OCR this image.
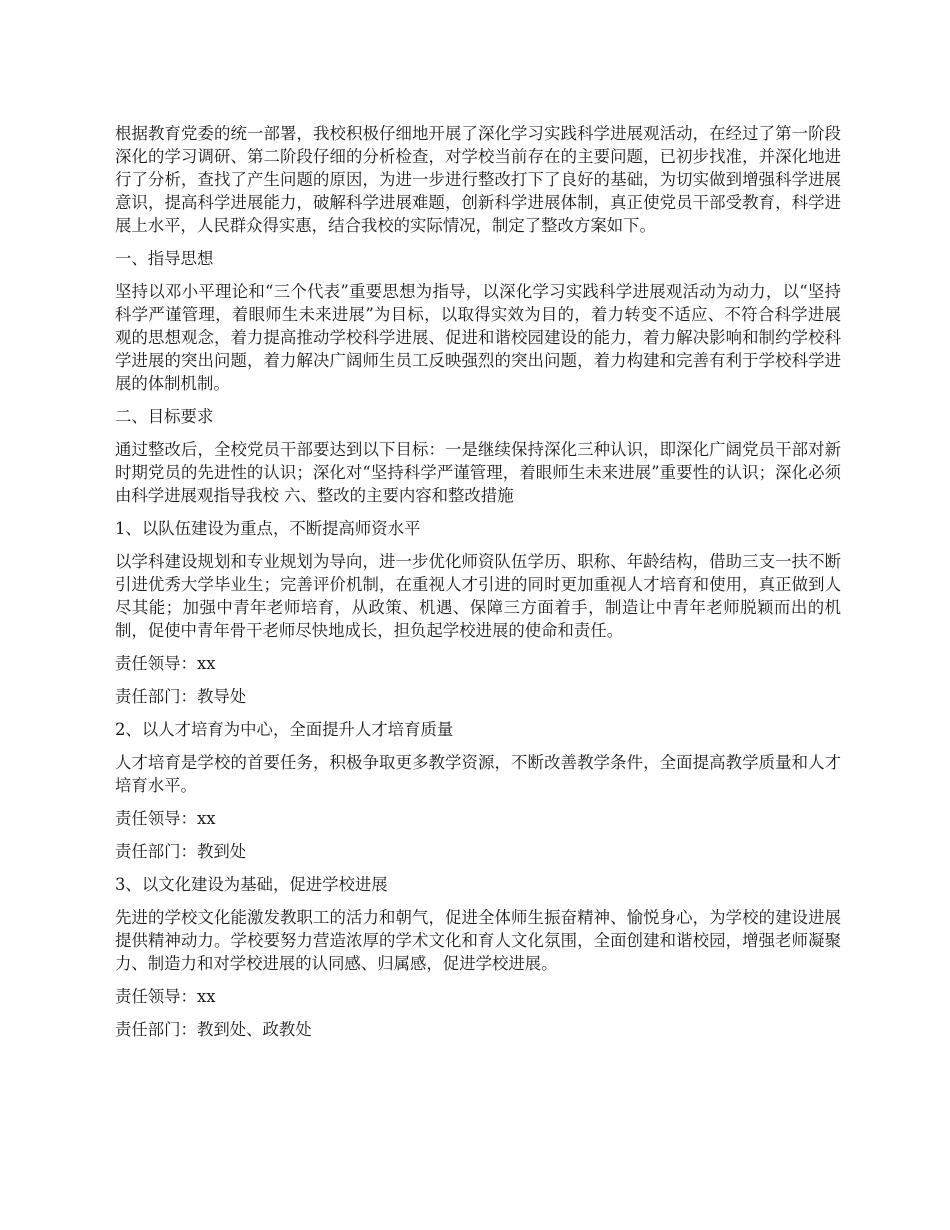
根据教育党委的统一部署，我校积极仔细地开展了深化学习实践科学进展观活动，在经过了第一阶段深化的学习调研、第二阶段仔细的分析检查，对学校当前存在的主要问题，已初步找准，并深化地进行了分析，查找了产生问题的原因，为进一步进行整改打下了良好的基础，为切实做到增强科学进展意识，提高科学进展能力，破解科学进展难题，创新科学进展体制，真正使党员干部受教育，科学进展上水平，人民群众得实惠，结合我校的实际情况，制定了整改方案如下。

一、指导思想

坚持以邓小平理论和“三个代表”重要思想为指导，以深化学习实践科学进展观活动为动力，以“坚持科学严谨管理，着眼师生未来进展”为目标，以取得实效为目的，着力转变不适应、不符合科学进展观的思想观念，着力提高推动学校科学进展、促进和谐校园建设的能力，着力解决影响和制约学校科学进展的突出问题，着力解决广阔师生员工反映强烈的突出问题，着力构建和完善有利于学校科学进展的体制机制。

二、目标要求

通过整改后，全校党员干部要达到以下目标：一是继续保持深化三种认识，即深化广阔党员干部对新时期党员的先进性的认识；深化对“坚持科学严谨管理，着眼师生未来进展”重要性的认识；深化必须由科学进展观指导我校 六、整改的主要内容和整改措施

1、以队伍建设为重点，不断提高师资水平

以学科建设规划和专业规划为导向，进一步优化师资队伍学历、职称、年龄结构，借助三支一扶不断引进优秀大学毕业生；完善评价机制，在重视人才引进的同时更加重视人才培育和使用，真正做到人尽其能；加强中青年老师培育，从政策、机遇、保障三方面着手，制造让中青年老师脱颖而出的机制，促使中青年骨干老师尽快地成长，担负起学校进展的使命和责任。

责任领导：xx

责任部门：教导处

2、以人才培育为中心，全面提升人才培育质量

人才培育是学校的首要任务，积极争取更多教学资源，不断改善教学条件，全面提高教学质量和人才培育水平。

责任领导：xx

责任部门：教到处

3、以文化建设为基础，促进学校进展

先进的学校文化能激发教职工的活力和朝气，促进全体师生振奋精神、愉悦身心，为学校的建设进展提供精神动力。学校要努力营造浓厚的学术文化和育人文化氛围，全面创建和谐校园，增强老师凝聚力、制造力和对学校进展的认同感、归属感，促进学校进展。

责任领导：xx

责任部门：教到处、政教处
